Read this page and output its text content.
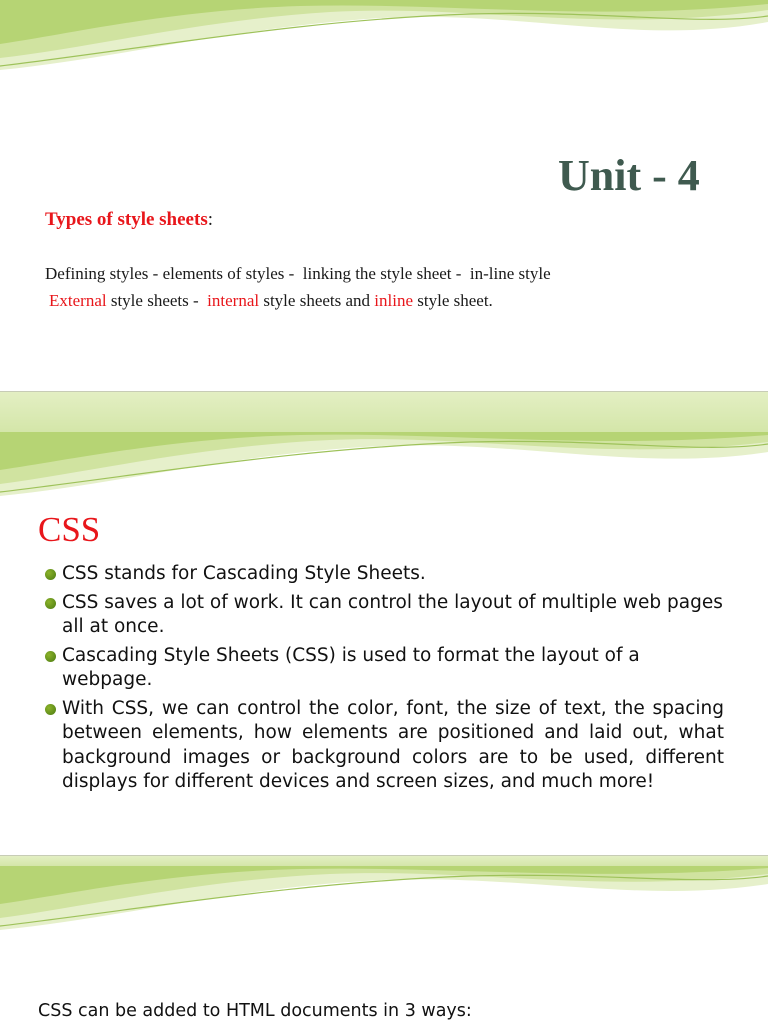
Unit - 4

Types of style sheets:

Defining styles - elements of styles -  linking the style sheet -  in-line style

External style sheets -  internal style sheets and inline style sheet.

CSS
CSS stands for Cascading Style Sheets.
CSS saves a lot of work. It can control the layout of multiple web pages all at once.
Cascading Style Sheets (CSS) is used to format the layout of a webpage.
With CSS, we can control the color, font, the size of text, the spacing between elements, how elements are positioned and laid out, what background images or background colors are to be used, different displays for different devices and screen sizes, and much more!

CSS can be added to HTML documents in 3 ways:
